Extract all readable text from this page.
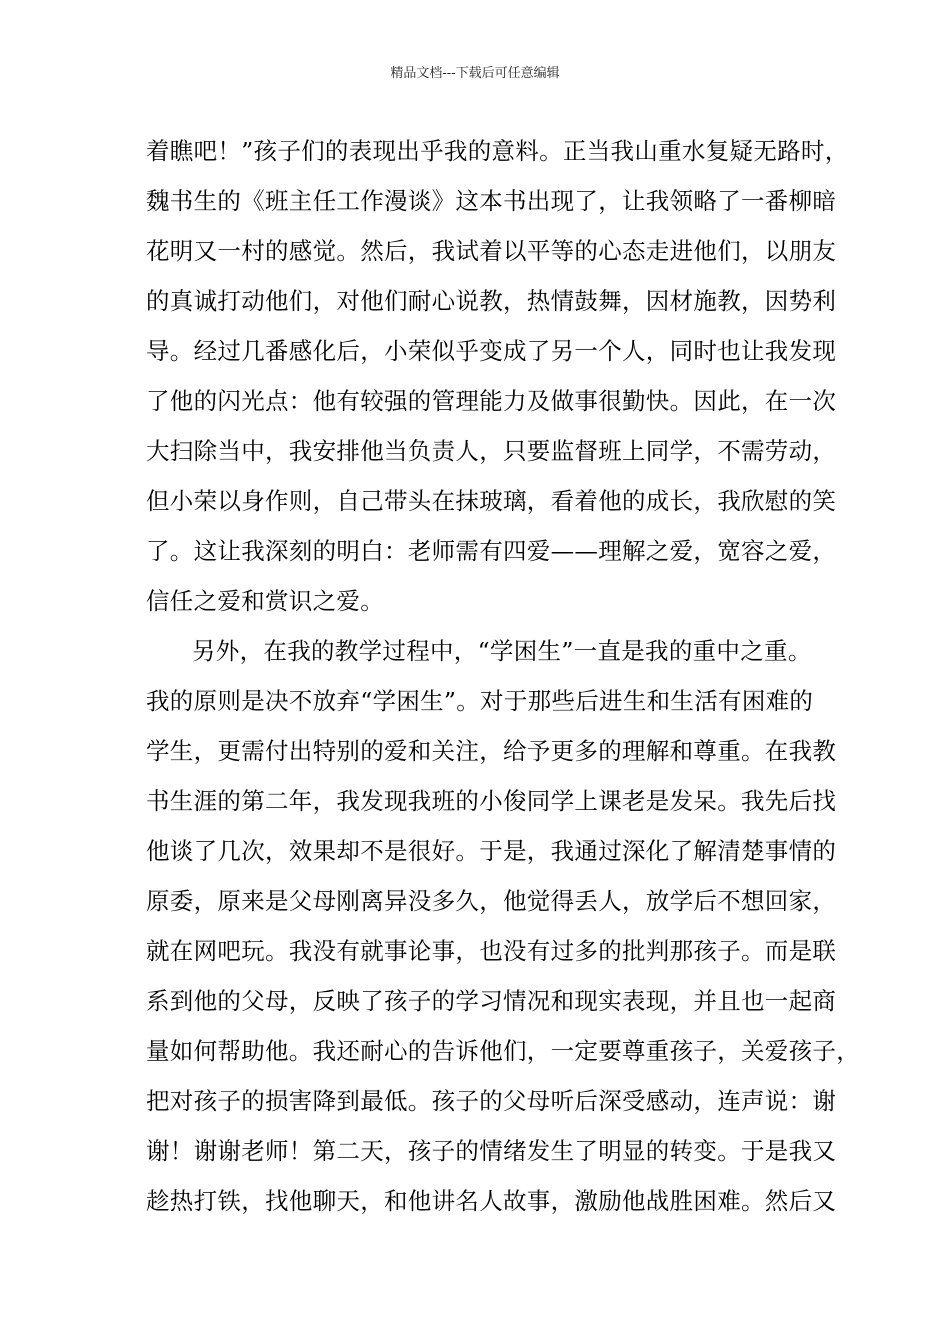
精品文档---下载后可任意编辑
着瞧吧！”孩子们的表现出乎我的意料。正当我山重水复疑无路时，
魏书生的《班主任工作漫谈》这本书出现了，让我领略了一番柳暗
花明又一村的感觉。然后，我试着以平等的心态走进他们，以朋友
的真诚打动他们，对他们耐心说教，热情鼓舞，因材施教，因势利
导。经过几番感化后，小荣似乎变成了另一个人，同时也让我发现
了他的闪光点：他有较强的管理能力及做事很勤快。因此，在一次
大扫除当中，我安排他当负责人，只要监督班上同学，不需劳动，
但小荣以身作则，自己带头在抹玻璃，看着他的成长，我欣慰的笑
了。这让我深刻的明白：老师需有四爱——理解之爱，宽容之爱，
信任之爱和赏识之爱。
另外，在我的教学过程中，“学困生”一直是我的重中之重。
我的原则是决不放弃“学困生”。对于那些后进生和生活有困难的
学生，更需付出特别的爱和关注，给予更多的理解和尊重。在我教
书生涯的第二年，我发现我班的小俊同学上课老是发呆。我先后找
他谈了几次，效果却不是很好。于是，我通过深化了解清楚事情的
原委，原来是父母刚离异没多久，他觉得丢人，放学后不想回家，
就在网吧玩。我没有就事论事，也没有过多的批判那孩子。而是联
系到他的父母，反映了孩子的学习情况和现实表现，并且也一起商
量如何帮助他。我还耐心的告诉他们，一定要尊重孩子，关爱孩子，
把对孩子的损害降到最低。孩子的父母听后深受感动，连声说：谢
谢！谢谢老师！第二天，孩子的情绪发生了明显的转变。于是我又
趁热打铁，找他聊天，和他讲名人故事，激励他战胜困难。然后又
